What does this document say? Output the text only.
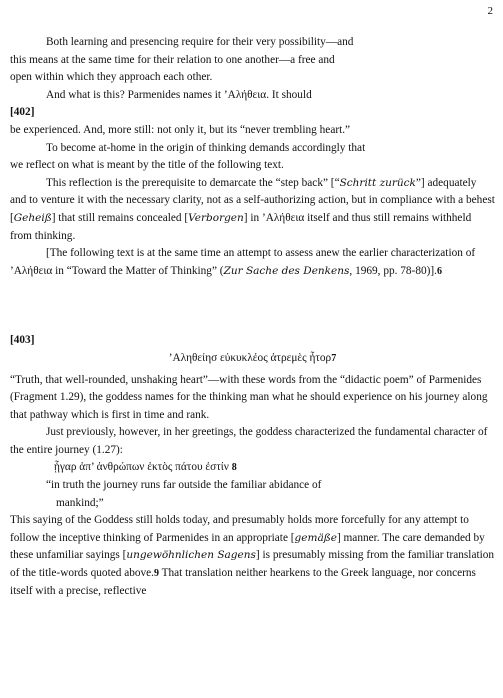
2

Both learning and presencing require for their very possibility—and
this means at the same time for their relation to one another—a free and
open within which they approach each other.

And what is this? Parmenides names it ’Αλήθεια. It should

[402]

be experienced. And, more still: not only it, but its “never trembling heart.”

To become at-home in the origin of thinking demands accordingly that
we reflect on what is meant by the title of the following text.

This reflection is the prerequisite to demarcate the “step back” [“Schritt zurück”] adequately and to venture it with the necessary clarity, not as a self-authorizing action, but in compliance with a behest [Geheiß] that still remains concealed [Verborgen] in ’Αλήθεια itself and thus still remains withheld from thinking.

[The following text is at the same time an attempt to assess anew the earlier characterization of ’Αλήθεια in “Toward the Matter of Thinking” (Zur Sache des Denkens, 1969, pp. 78-80)].6

[403]

’Αληθείησ εὐκυκλέος ἀτρεμὲς ἦτορ7

“Truth, that well-rounded, unshaking heart”—with these words from the “didactic poem” of Parmenides (Fragment 1.29), the goddess names for the thinking man what he should experience on his journey along that pathway which is first in time and rank.

Just previously, however, in her greetings, the goddess characterized the fundamental character of the entire journey (1.27):

ᾗγαρ ἀπ’ ἀνθρώπων ἐκτὸς πάτου ἐστίν 8

“in truth the journey runs far outside the familiar abidance of
mankind;”

This saying of the Goddess still holds today, and presumably holds more forcefully for any attempt to follow the inceptive thinking of Parmenides in an appropriate [gemäße] manner. The care demanded by these unfamiliar sayings [ungewöhnlichen Sagens] is presumably missing from the familiar translation of the title-words quoted above.9 That translation neither hearkens to the Greek language, nor concerns itself with a precise, reflective
